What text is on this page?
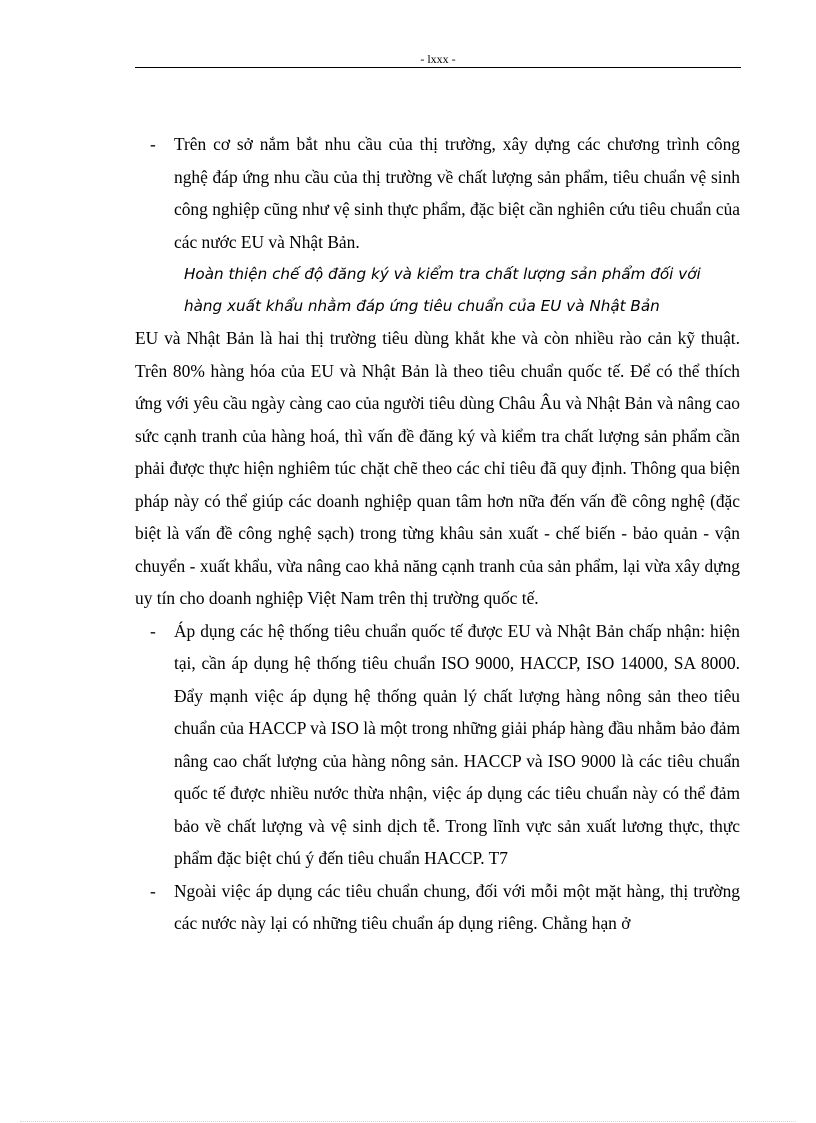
- lxxx -

- Trên cơ sở nắm bắt nhu cầu của thị trường, xây dựng các chương trình công nghệ đáp ứng nhu cầu của thị trường về chất lượng sản phẩm, tiêu chuẩn vệ sinh công nghiệp cũng như vệ sinh thực phẩm, đặc biệt cần nghiên cứu tiêu chuẩn của các nước EU và Nhật Bản.

Hoàn thiện chế độ đăng ký và kiểm tra chất lượng sản phẩm đối với hàng xuất khẩu nhằm đáp ứng tiêu chuẩn của EU và Nhật Bản

EU và Nhật Bản là hai thị trường tiêu dùng khắt khe và còn nhiều rào cản kỹ thuật. Trên 80% hàng hóa của EU và Nhật Bản là theo tiêu chuẩn quốc tế. Để có thể thích ứng với yêu cầu ngày càng cao của người tiêu dùng Châu Âu và Nhật Bản và nâng cao sức cạnh tranh của hàng hoá, thì vấn đề đăng ký và kiểm tra chất lượng sản phẩm cần phải được thực hiện nghiêm túc chặt chẽ theo các chỉ tiêu đã quy định. Thông qua biện pháp này có thể giúp các doanh nghiệp quan tâm hơn nữa đến vấn đề công nghệ (đặc biệt là vấn đề công nghệ sạch) trong từng khâu sản xuất - chế biến - bảo quản - vận chuyển - xuất khẩu, vừa nâng cao khả năng cạnh tranh của sản phẩm, lại vừa xây dựng uy tín cho doanh nghiệp Việt Nam trên thị trường quốc tế.

- Áp dụng các hệ thống tiêu chuẩn quốc tế được EU và Nhật Bản chấp nhận: hiện tại, cần áp dụng hệ thống tiêu chuẩn ISO 9000, HACCP, ISO 14000, SA 8000. Đẩy mạnh việc áp dụng hệ thống quản lý chất lượng hàng nông sản theo tiêu chuẩn của HACCP và ISO là một trong những giải pháp hàng đầu nhằm bảo đảm nâng cao chất lượng của hàng nông sản. HACCP và ISO 9000 là các tiêu chuẩn quốc tế được nhiều nước thừa nhận, việc áp dụng các tiêu chuẩn này có thể đảm bảo về chất lượng và vệ sinh dịch tễ. Trong lĩnh vực sản xuất lương thực, thực phẩm đặc biệt chú ý đến tiêu chuẩn HACCP. T7

- Ngoài việc áp dụng các tiêu chuẩn chung, đối với mỗi một mặt hàng, thị trường các nước này lại có những tiêu chuẩn áp dụng riêng. Chẳng hạn ở
